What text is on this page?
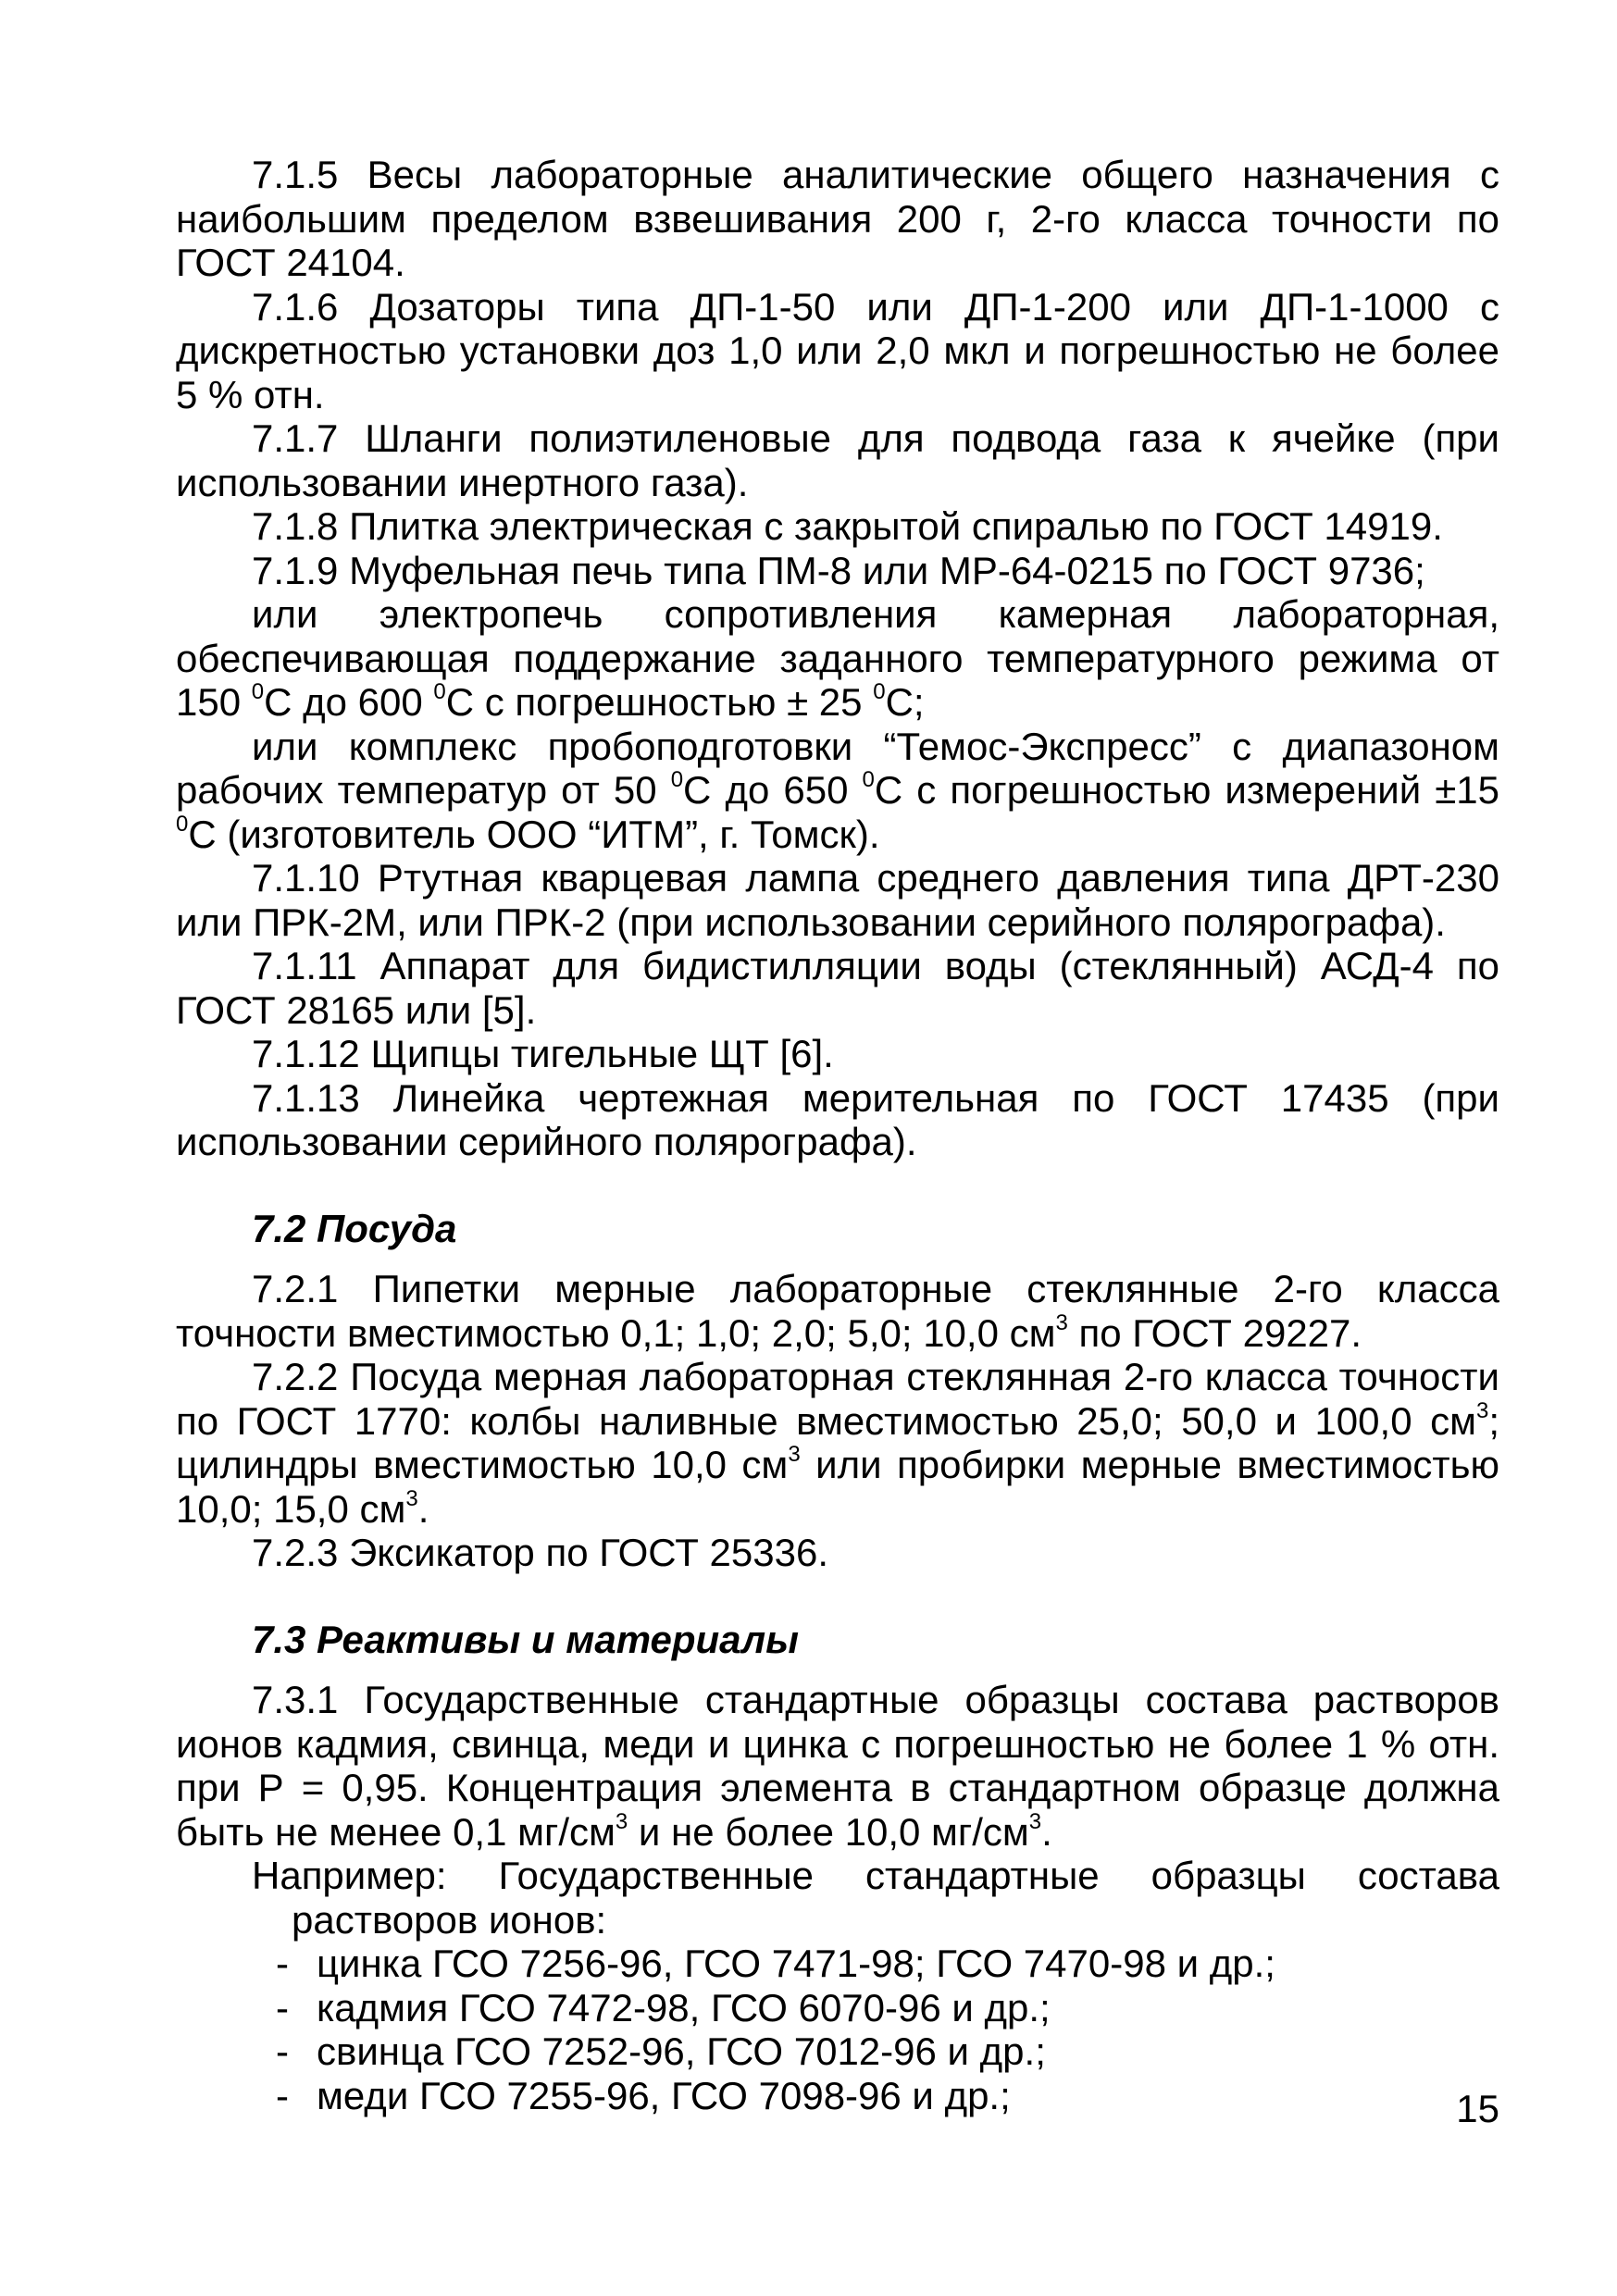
7.1.5 Весы лабораторные аналитические общего назначения с наибольшим пределом взвешивания 200 г, 2-го класса точности по ГОСТ 24104.

7.1.6 Дозаторы типа ДП-1-50 или ДП-1-200 или ДП-1-1000 с дискретностью установки доз 1,0 или 2,0 мкл и погрешностью не более 5 % отн.

7.1.7 Шланги полиэтиленовые для подвода газа к ячейке (при использовании инертного газа).

7.1.8 Плитка электрическая с закрытой спиралью по ГОСТ 14919.

7.1.9 Муфельная печь типа ПМ-8 или МР-64-0215 по ГОСТ 9736;

или электропечь сопротивления камерная лабораторная, обеспечивающая поддержание заданного температурного режима от 150 $^0$С до 600 $^0$С с погрешностью ± 25 $^0$С;

или комплекс пробоподготовки “Темос-Экспресс” с диапазоном рабочих температур от 50 $^0$С до 650 $^0$С с погрешностью измерений ±15 $^0$С (изготовитель ООО “ИТМ”, г. Томск).

7.1.10 Ртутная кварцевая лампа среднего давления типа ДРТ-230 или ПРК-2М, или ПРК-2 (при использовании серийного полярографа).

7.1.11 Аппарат для бидистилляции воды (стеклянный) АСД-4 по ГОСТ 28165 или [5].

7.1.12 Щипцы тигельные ЩТ [6].

7.1.13 Линейка чертежная мерительная по ГОСТ 17435 (при использовании серийного полярографа).

7.2 Посуда

7.2.1 Пипетки мерные лабораторные стеклянные 2-го класса точности вместимостью 0,1; 1,0; 2,0; 5,0; 10,0 $см^3$ по ГОСТ 29227.

7.2.2 Посуда мерная лабораторная стеклянная 2-го класса точности по ГОСТ 1770: колбы наливные вместимостью 25,0; 50,0 и 100,0 $см^3$; цилиндры вместимостью 10,0 $см^3$ или пробирки мерные вместимостью 10,0; 15,0 $см^3$.

7.2.3 Эксикатор по ГОСТ 25336.

7.3 Реактивы и материалы

7.3.1 Государственные стандартные образцы состава растворов ионов кадмия, свинца, меди и цинка с погрешностью не более 1 % отн. при Р = 0,95. Концентрация элемента в стандартном образце должна быть не менее 0,1 $мг/см^3$ и не более 10,0 $мг/см^3$.

Например: Государственные стандартные образцы состава растворов ионов:

- цинка ГСО 7256-96, ГСО 7471-98; ГСО 7470-98 и др.;
- кадмия ГСО 7472-98, ГСО 6070-96 и др.;
- свинца ГСО 7252-96, ГСО 7012-96 и др.;
- меди ГСО 7255-96, ГСО 7098-96 и др.;	15
